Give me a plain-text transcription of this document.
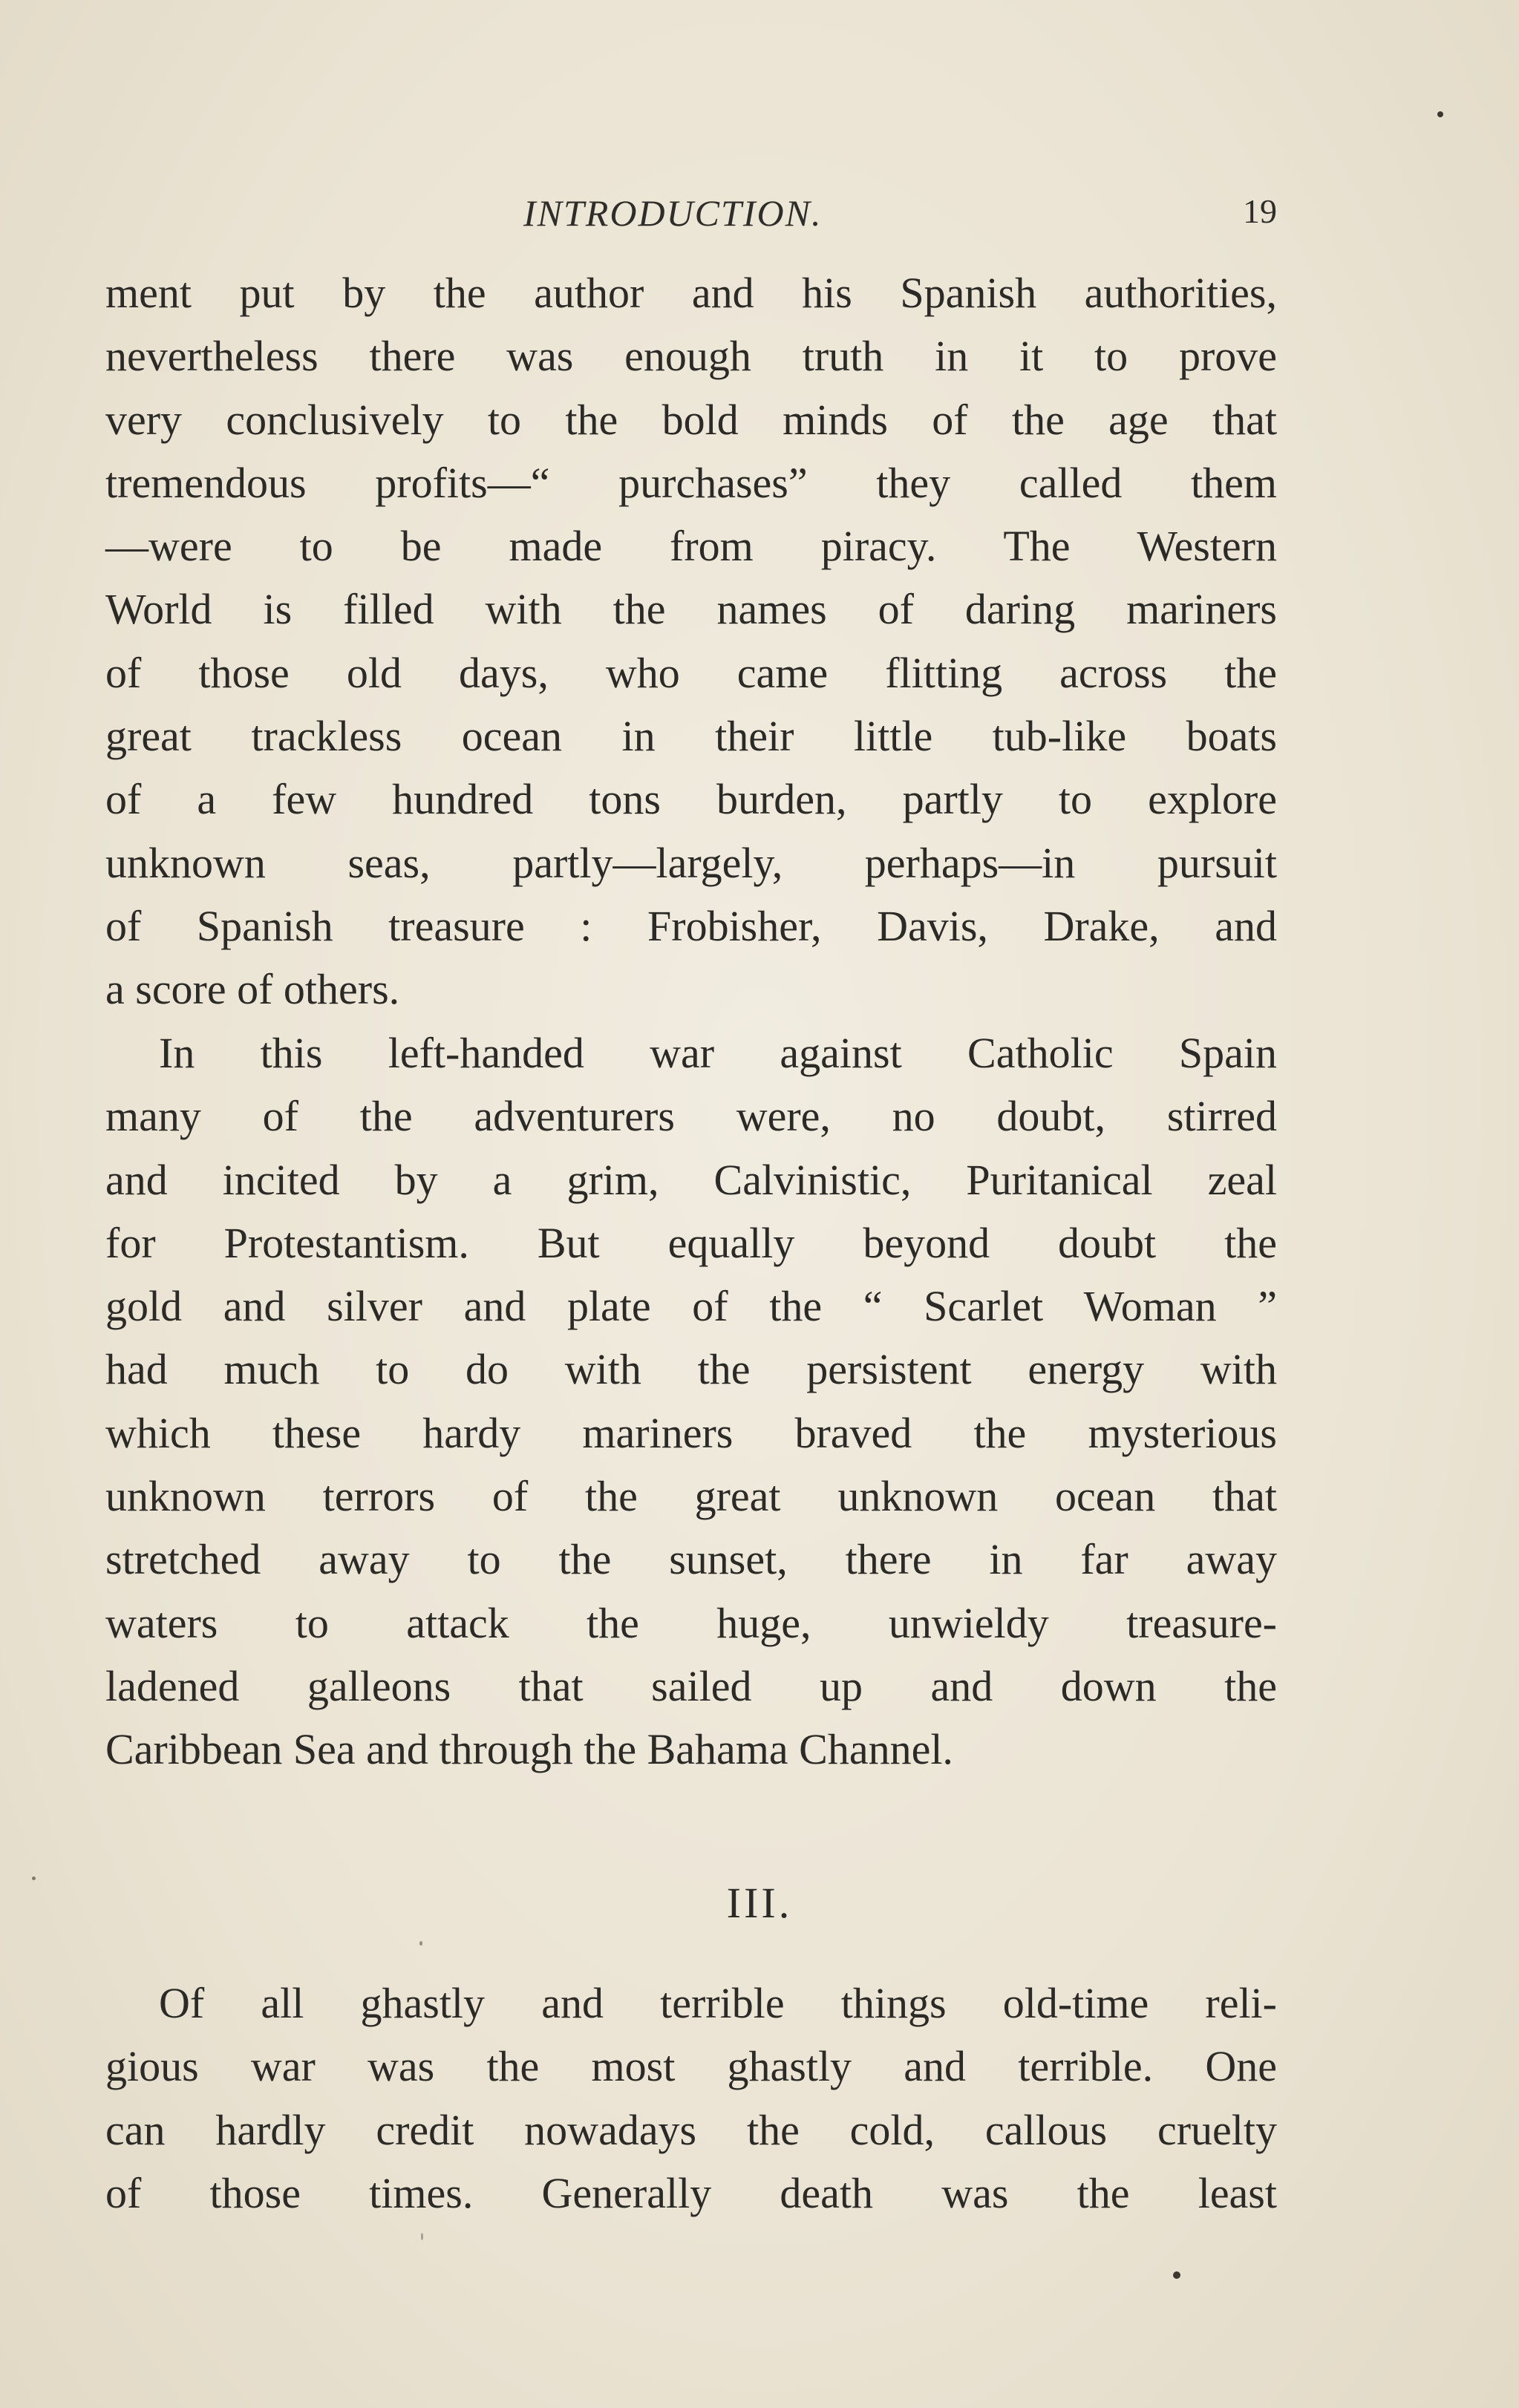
INTRODUCTION.	19
ment put by the author and his Spanish authorities,
nevertheless there was enough truth in it to prove
very conclusively to the bold minds of the age that
tremendous profits—“ purchases” they called them
—were to be made from piracy. The Western
World is filled with the names of daring mariners
of those old days, who came flitting across the
great trackless ocean in their little tub-like boats
of a few hundred tons burden, partly to explore
unknown seas, partly—largely, perhaps—in pursuit
of Spanish treasure : Frobisher, Davis, Drake, and
a score of others.
In this left-handed war against Catholic Spain
many of the adventurers were, no doubt, stirred
and incited by a grim, Calvinistic, Puritanical zeal
for Protestantism. But equally beyond doubt the
gold and silver and plate of the “ Scarlet Woman ”
had much to do with the persistent energy with
which these hardy mariners braved the mysterious
unknown terrors of the great unknown ocean that
stretched away to the sunset, there in far away
waters to attack the huge, unwieldy treasure-
ladened galleons that sailed up and down the
Caribbean Sea and through the Bahama Channel.
III.
Of all ghastly and terrible things old-time reli-
gious war was the most ghastly and terrible. One
can hardly credit nowadays the cold, callous cruelty
of those times. Generally death was the least
